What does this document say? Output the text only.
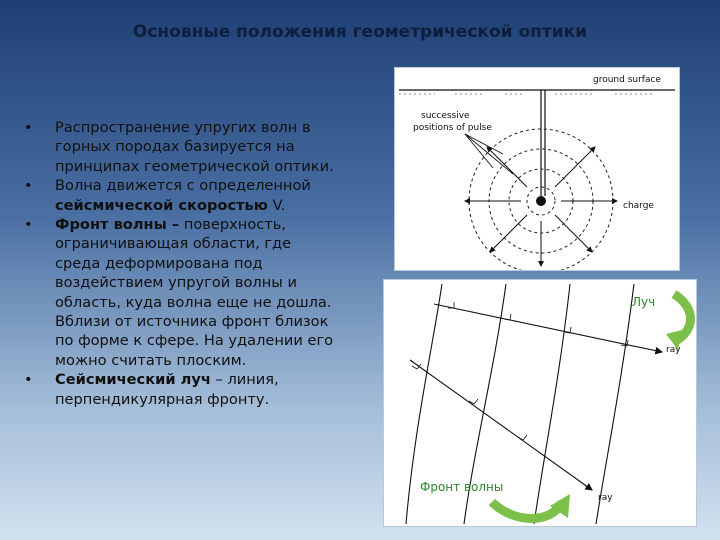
Основные положения геометрической оптики
• Распространение упругих волн в
горных породах базируется на
принципах геометрической оптики.
• Волна движется с определенной
сейсмической скоростью V.
• Фронт волны – поверхность,
ограничивающая области, где
среда деформирована под
воздействием упругой волны и
область, куда волна еще не дошла.
Вблизи от источника фронт близок
по форме к сфере. На удалении его
можно считать плоским.
• Сейсмический луч – линия,
перпендикулярная фронту.
ground surface
successive
positions of pulse
charge
ray
ray
Луч
Фронт волны
